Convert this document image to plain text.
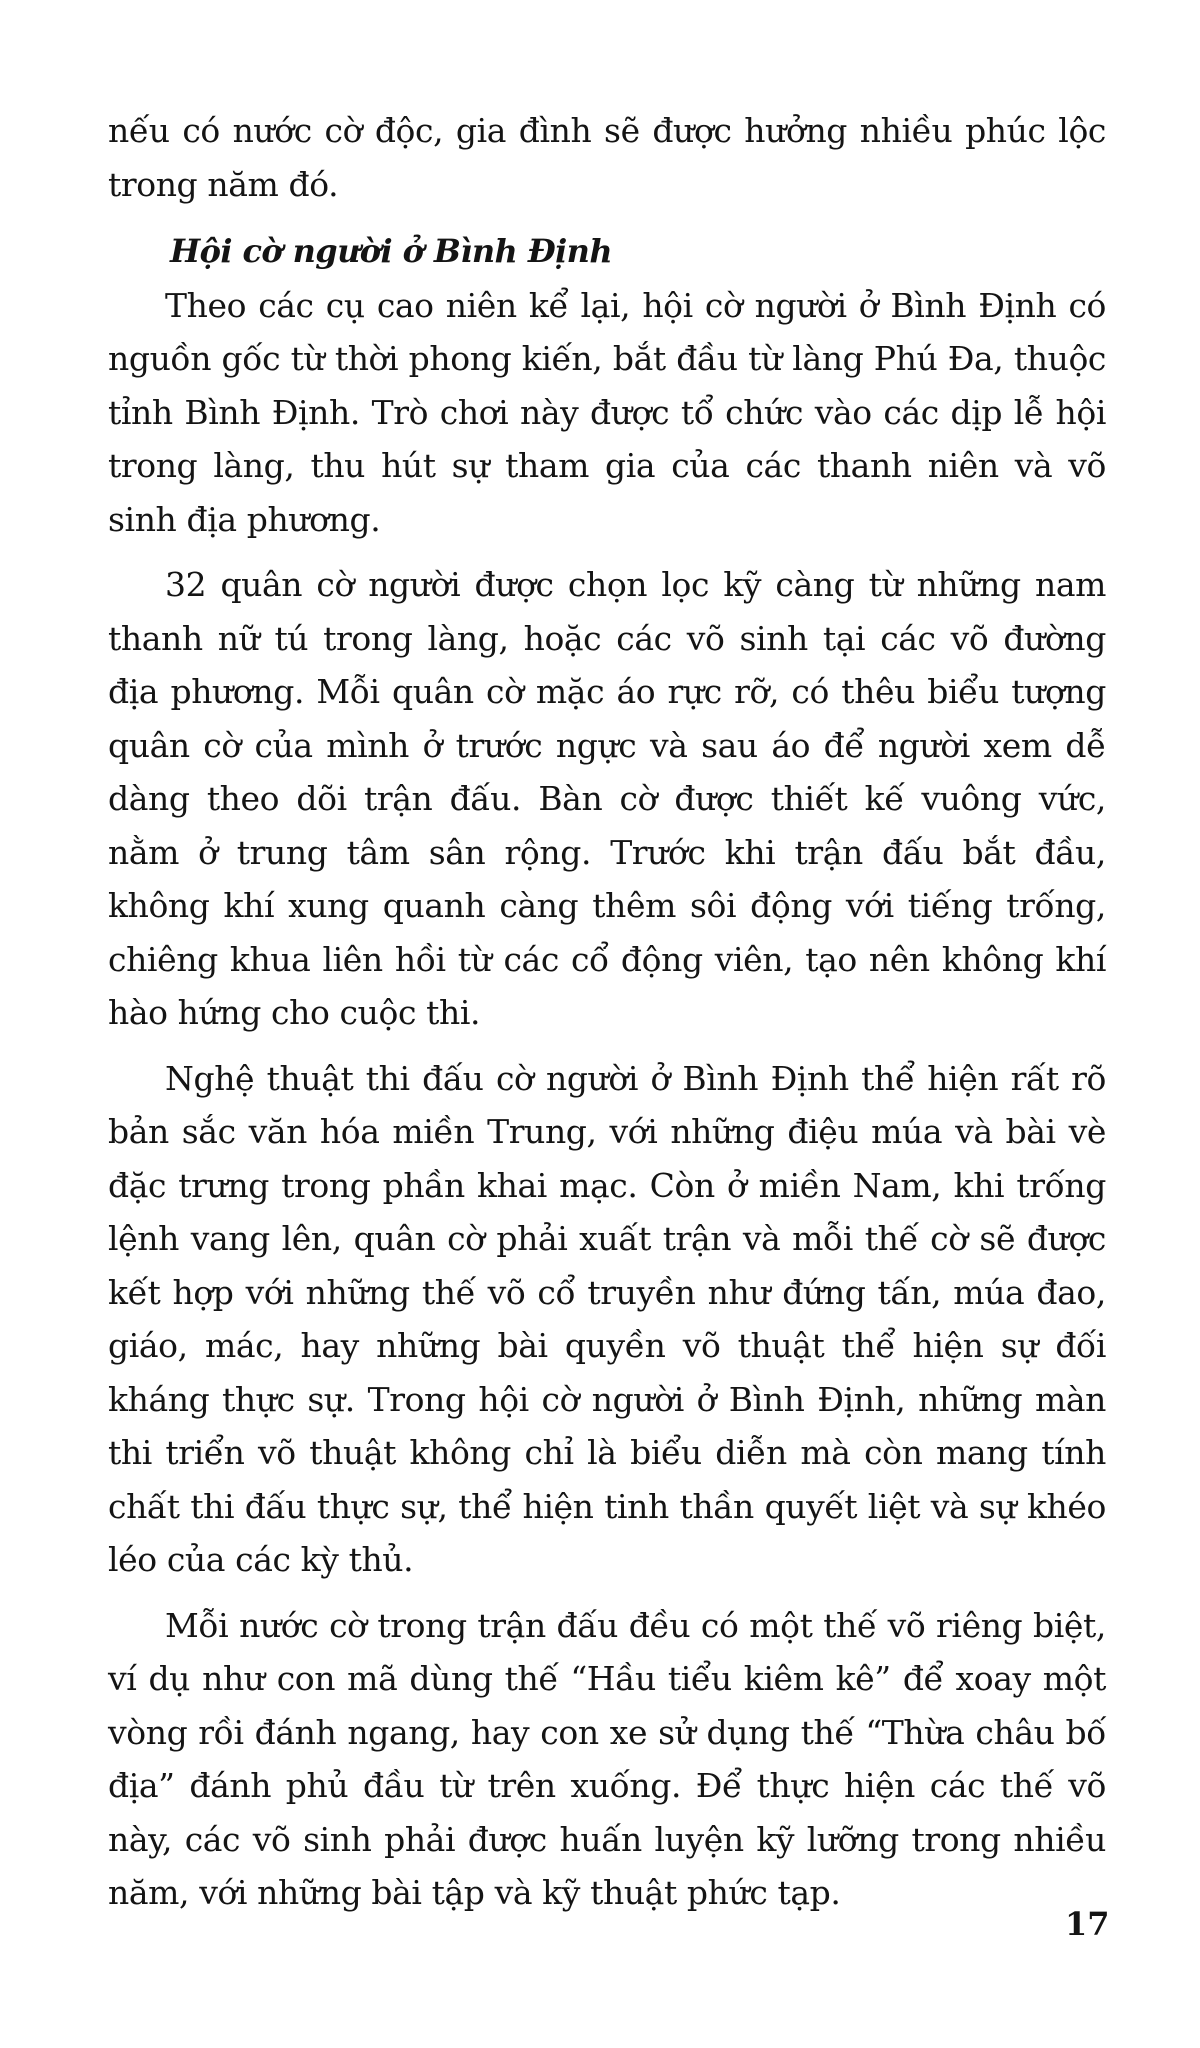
nếu có nước cờ độc, gia đình sẽ được hưởng nhiều phúc lộc trong năm đó.

Hội cờ người ở Bình Định

Theo các cụ cao niên kể lại, hội cờ người ở Bình Định có nguồn gốc từ thời phong kiến, bắt đầu từ làng Phú Đa, thuộc tỉnh Bình Định. Trò chơi này được tổ chức vào các dịp lễ hội trong làng, thu hút sự tham gia của các thanh niên và võ sinh địa phương.

32 quân cờ người được chọn lọc kỹ càng từ những nam thanh nữ tú trong làng, hoặc các võ sinh tại các võ đường địa phương. Mỗi quân cờ mặc áo rực rỡ, có thêu biểu tượng quân cờ của mình ở trước ngực và sau áo để người xem dễ dàng theo dõi trận đấu. Bàn cờ được thiết kế vuông vức, nằm ở trung tâm sân rộng. Trước khi trận đấu bắt đầu, không khí xung quanh càng thêm sôi động với tiếng trống, chiêng khua liên hồi từ các cổ động viên, tạo nên không khí hào hứng cho cuộc thi.

Nghệ thuật thi đấu cờ người ở Bình Định thể hiện rất rõ bản sắc văn hóa miền Trung, với những điệu múa và bài vè đặc trưng trong phần khai mạc. Còn ở miền Nam, khi trống lệnh vang lên, quân cờ phải xuất trận và mỗi thế cờ sẽ được kết hợp với những thế võ cổ truyền như đứng tấn, múa đao, giáo, mác, hay những bài quyền võ thuật thể hiện sự đối kháng thực sự. Trong hội cờ người ở Bình Định, những màn thi triển võ thuật không chỉ là biểu diễn mà còn mang tính chất thi đấu thực sự, thể hiện tinh thần quyết liệt và sự khéo léo của các kỳ thủ.

Mỗi nước cờ trong trận đấu đều có một thế võ riêng biệt, ví dụ như con mã dùng thế “Hầu tiểu kiêm kê” để xoay một vòng rồi đánh ngang, hay con xe sử dụng thế “Thừa châu bố địa” đánh phủ đầu từ trên xuống. Để thực hiện các thế võ này, các võ sinh phải được huấn luyện kỹ lưỡng trong nhiều năm, với những bài tập và kỹ thuật phức tạp.

17
